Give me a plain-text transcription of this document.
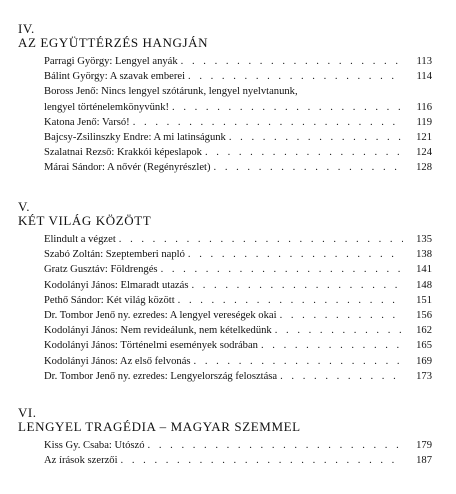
IV.
AZ EGYÜTTÉRZÉS HANGJÁN
Parragi György: Lengyel anyák . . .	113
Bálint György: A szavak emberei . . .	114
Boross Jenő: Nincs lengyel szótárunk, lengyel nyelvtanunk,
lengyel történelemkönyvünk! . . .	116
Katona Jenő: Varsó! . . .	119
Bajcsy-Zsilinszky Endre: A mi latinságunk . . .	121
Szalatnai Rezső: Krakkói képeslapok . . .	124
Márai Sándor: A nővér (Regényrészlet) . . .	128
V.
KÉT VILÁG KÖZÖTT
Elindult a végzet . . .	135
Szabó Zoltán: Szeptemberi napló . . .	138
Gratz Gusztáv: Földrengés . . .	141
Kodolányi János: Elmaradt utazás . . .	148
Pethő Sándor: Két világ között . . .	151
Dr. Tombor Jenő ny. ezredes: A lengyel vereségek okai . . .	156
Kodolányi János: Nem revideálunk, nem kételkedünk . . .	162
Kodolányi János: Történelmi események sodrában . . .	165
Kodolányi János: Az első felvonás . . .	169
Dr. Tombor Jenő ny. ezredes: Lengyelország felosztása . . .	173
VI.
LENGYEL TRAGÉDIA – MAGYAR SZEMMEL
Kiss Gy. Csaba: Utószó . . .	179
Az írások szerzői . . .	187
